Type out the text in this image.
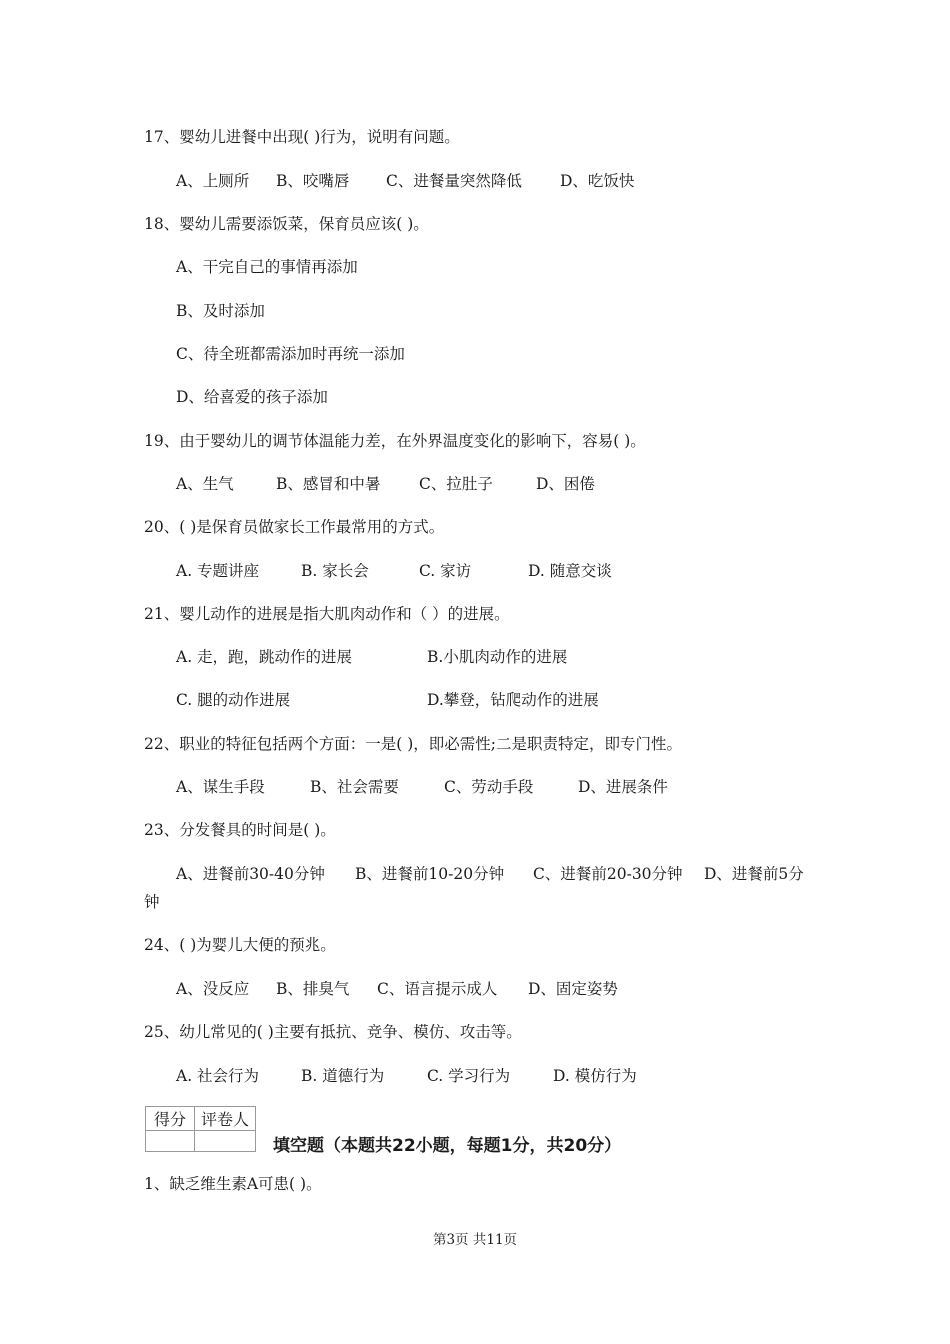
17、婴幼儿进餐中出现( )行为，说明有问题。
A、上厕所 B、咬嘴唇 C、进餐量突然降低 D、吃饭快
18、婴幼儿需要添饭菜，保育员应该( )。
A、干完自己的事情再添加
B、及时添加
C、待全班都需添加时再统一添加
D、给喜爱的孩子添加
19、由于婴幼儿的调节体温能力差，在外界温度变化的影响下，容易( )。
A、生气	B、感冒和中暑 C、拉肚子	D、困倦
20、( )是保育员做家长工作最常用的方式。
A. 专题讲座	B. 家长会	C. 家访	D. 随意交谈
21、婴儿动作的进展是指大肌肉动作和（ ）的进展。
A. 走，跑，跳动作的进展	B.小肌肉动作的进展
C. 腿的动作进展	D.攀登，钻爬动作的进展
22、职业的特征包括两个方面：一是( )，即必需性;二是职责特定，即专门性。
A、谋生手段	B、社会需要	C、劳动手段	D、进展条件
23、分发餐具的时间是( )。
A、进餐前30-40分钟 B、进餐前10-20分钟 C、进餐前20-30分钟 D、进餐前5分
钟
24、( )为婴儿大便的预兆。
A、没反应 B、排臭气 C、语言提示成人 D、固定姿势
25、幼儿常见的( )主要有抵抗、竞争、模仿、攻击等。
A. 社会行为	B. 道德行为	C. 学习行为	D. 模仿行为
得分	评卷人

填空题（本题共22小题，每题1分，共20分）
1、缺乏维生素A可患( )。
第3页 共11页
